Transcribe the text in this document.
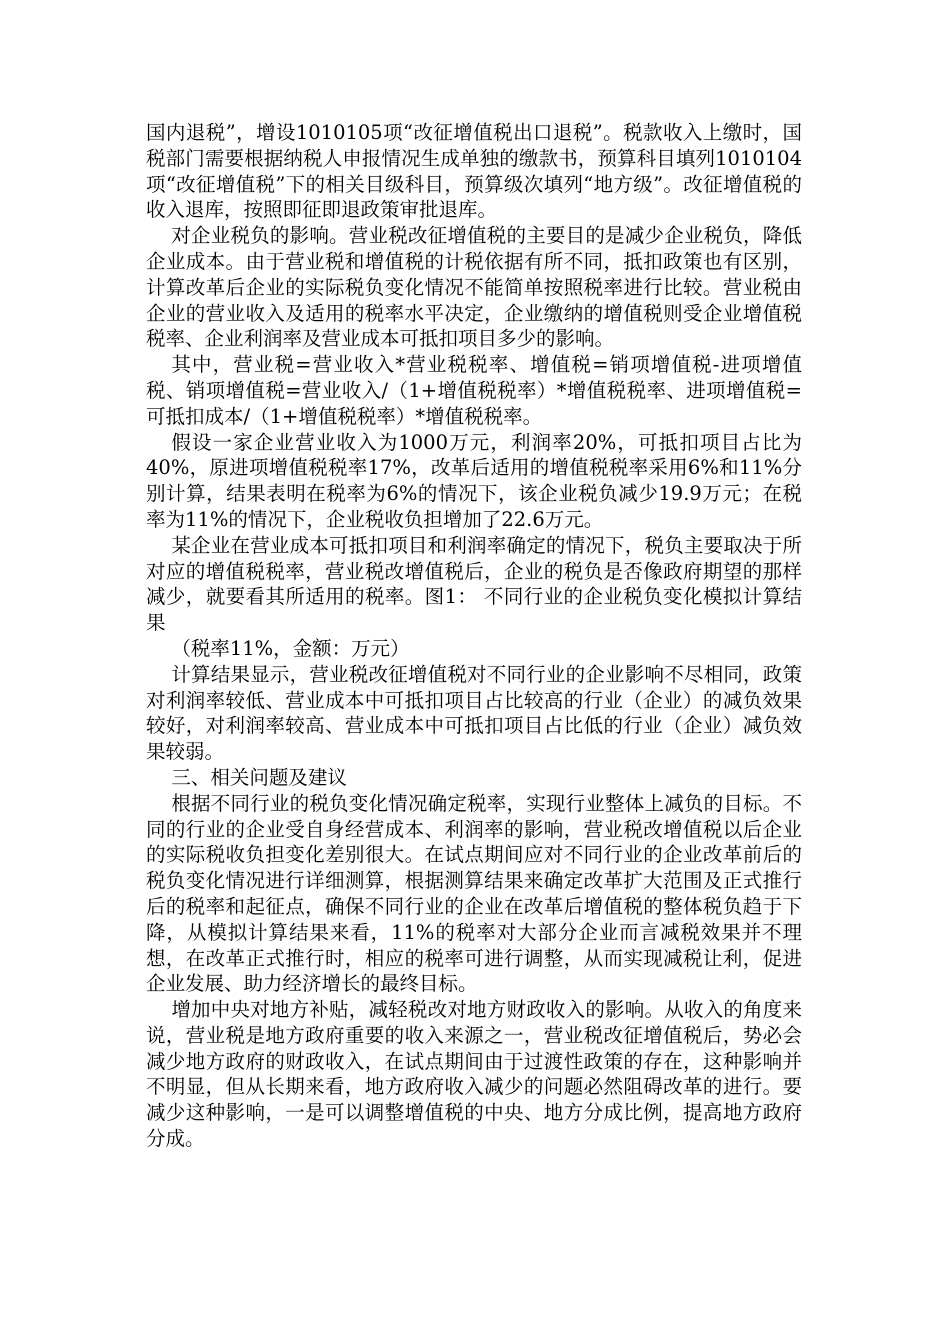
国内退税”，增设1010105项“改征增值税出口退税”。税款收入上缴时，国税部门需要根据纳税人申报情况生成单独的缴款书，预算科目填列1010104项“改征增值税”下的相关目级科目，预算级次填列“地方级”。改征增值税的收入退库，按照即征即退政策审批退库。

对企业税负的影响。营业税改征增值税的主要目的是减少企业税负，降低企业成本。由于营业税和增值税的计税依据有所不同，抵扣政策也有区别，计算改革后企业的实际税负变化情况不能简单按照税率进行比较。营业税由企业的营业收入及适用的税率水平决定，企业缴纳的增值税则受企业增值税税率、企业利润率及营业成本可抵扣项目多少的影响。

其中，营业税=营业收入*营业税税率、增值税=销项增值税-进项增值税、销项增值税=营业收入/（1+增值税税率）*增值税税率、进项增值税=可抵扣成本/（1+增值税税率）*增值税税率。

假设一家企业营业收入为1000万元，利润率20%，可抵扣项目占比为40%，原进项增值税税率17%，改革后适用的增值税税率采用6%和11%分别计算，结果表明在税率为6%的情况下，该企业税负减少19.9万元；在税率为11%的情况下，企业税收负担增加了22.6万元。

某企业在营业成本可抵扣项目和利润率确定的情况下，税负主要取决于所对应的增值税税率，营业税改增值税后，企业的税负是否像政府期望的那样减少，就要看其所适用的税率。图1： 不同行业的企业税负变化模拟计算结果

（税率11%，金额：万元）

计算结果显示，营业税改征增值税对不同行业的企业影响不尽相同，政策对利润率较低、营业成本中可抵扣项目占比较高的行业（企业）的减负效果较好，对利润率较高、营业成本中可抵扣项目占比低的行业（企业）减负效果较弱。

三、相关问题及建议

根据不同行业的税负变化情况确定税率，实现行业整体上减负的目标。不同的行业的企业受自身经营成本、利润率的影响，营业税改增值税以后企业的实际税收负担变化差别很大。在试点期间应对不同行业的企业改革前后的税负变化情况进行详细测算，根据测算结果来确定改革扩大范围及正式推行后的税率和起征点，确保不同行业的企业在改革后增值税的整体税负趋于下降，从模拟计算结果来看，11%的税率对大部分企业而言减税效果并不理想，在改革正式推行时，相应的税率可进行调整，从而实现减税让利，促进企业发展、助力经济增长的最终目标。

增加中央对地方补贴，减轻税改对地方财政收入的影响。从收入的角度来说，营业税是地方政府重要的收入来源之一，营业税改征增值税后，势必会减少地方政府的财政收入，在试点期间由于过渡性政策的存在，这种影响并不明显，但从长期来看，地方政府收入减少的问题必然阻碍改革的进行。要减少这种影响，一是可以调整增值税的中央、地方分成比例，提高地方政府分成。
